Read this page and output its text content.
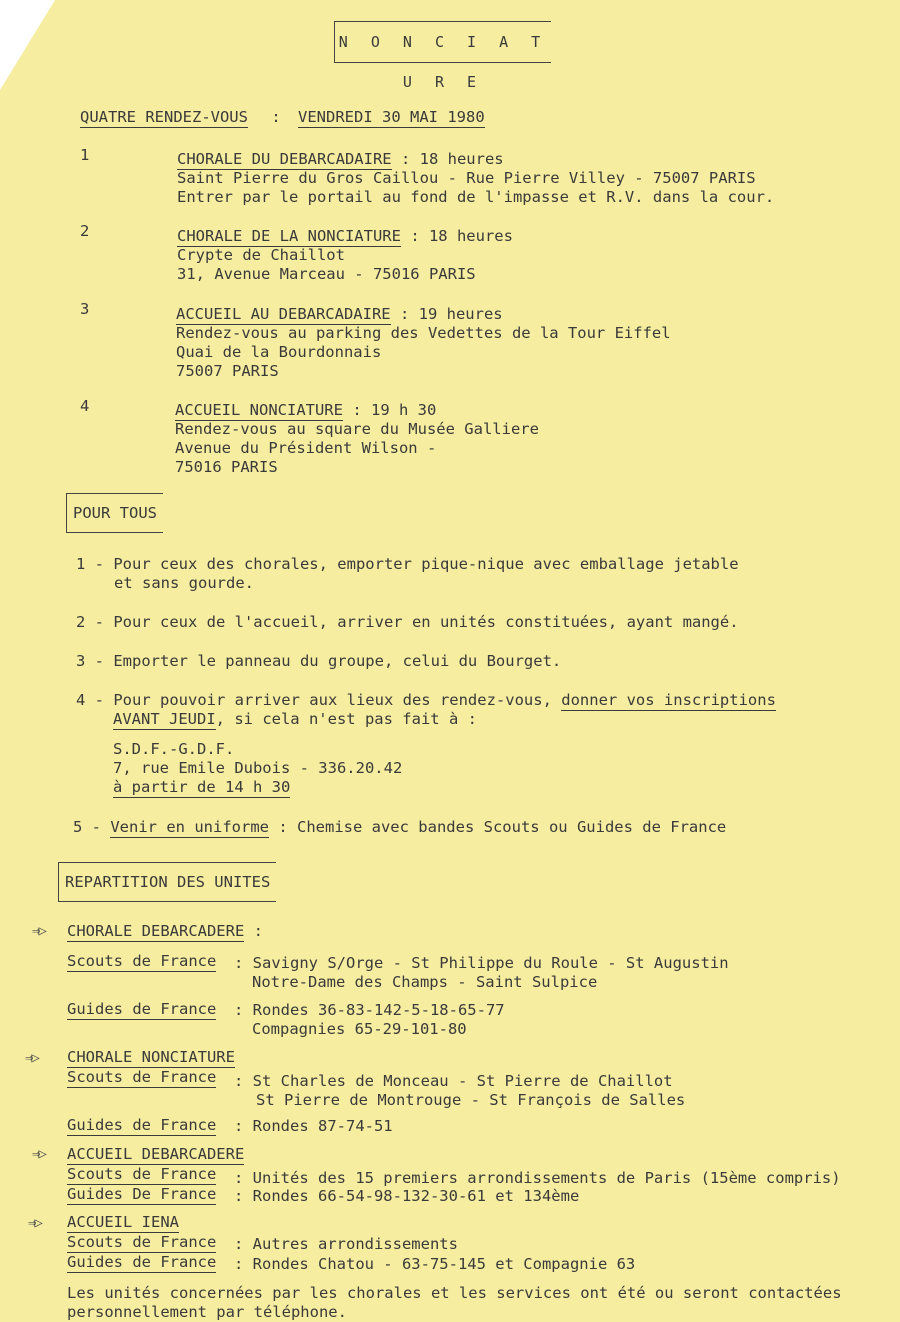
N O N C I A T U R E
QUATRE RENDEZ-VOUS : VENDREDI 30 MAI 1980
1	CHORALE DU DEBARCADAIRE : 18 heures
Saint Pierre du Gros Caillou - Rue Pierre Villey - 75007 PARIS
Entrer par le portail au fond de l'impasse et R.V. dans la cour.
2	CHORALE DE LA NONCIATURE : 18 heures
Crypte de Chaillot
31, Avenue Marceau - 75016 PARIS
3	ACCUEIL AU DEBARCADAIRE : 19 heures
Rendez-vous au parking des Vedettes de la Tour Eiffel
Quai de la Bourdonnais
75007 PARIS
4	ACCUEIL NONCIATURE : 19 h 30
Rendez-vous au square du Musée Galliere
Avenue du Président Wilson -
75016 PARIS
POUR TOUS
1 - Pour ceux des chorales, emporter pique-nique avec emballage jetable
et sans gourde.
2 - Pour ceux de l'accueil, arriver en unités constituées, ayant mangé.
3 - Emporter le panneau du groupe, celui du Bourget.
4 - Pour pouvoir arriver aux lieux des rendez-vous, donner vos inscriptions
AVANT JEUDI, si cela n'est pas fait à :
S.D.F.-G.D.F.
7, rue Emile Dubois - 336.20.42
à partir de 14 h 30
5 - Venir en uniforme : Chemise avec bandes Scouts ou Guides de France
REPARTITION DES UNITES
⇒▷ CHORALE DEBARCADERE :
Scouts de France : Savigny S/Orge - St Philippe du Roule - St Augustin
Notre-Dame des Champs - Saint Sulpice
Guides de France : Rondes 36-83-142-5-18-65-77
Compagnies 65-29-101-80
⇒▷ CHORALE NONCIATURE
Scouts de France : St Charles de Monceau - St Pierre de Chaillot
St Pierre de Montrouge - St François de Salles
Guides de France : Rondes 87-74-51
⇒▷ ACCUEIL DEBARCADERE
Scouts de France : Unités des 15 premiers arrondissements de Paris (15ème compris)
Guides De France : Rondes 66-54-98-132-30-61 et 134ème
⇒▷ ACCUEIL IENA
Scouts de France : Autres arrondissements
Guides de France : Rondes Chatou - 63-75-145 et Compagnie 63
Les unités concernées par les chorales et les services ont été ou seront contactées
personnellement par téléphone.
